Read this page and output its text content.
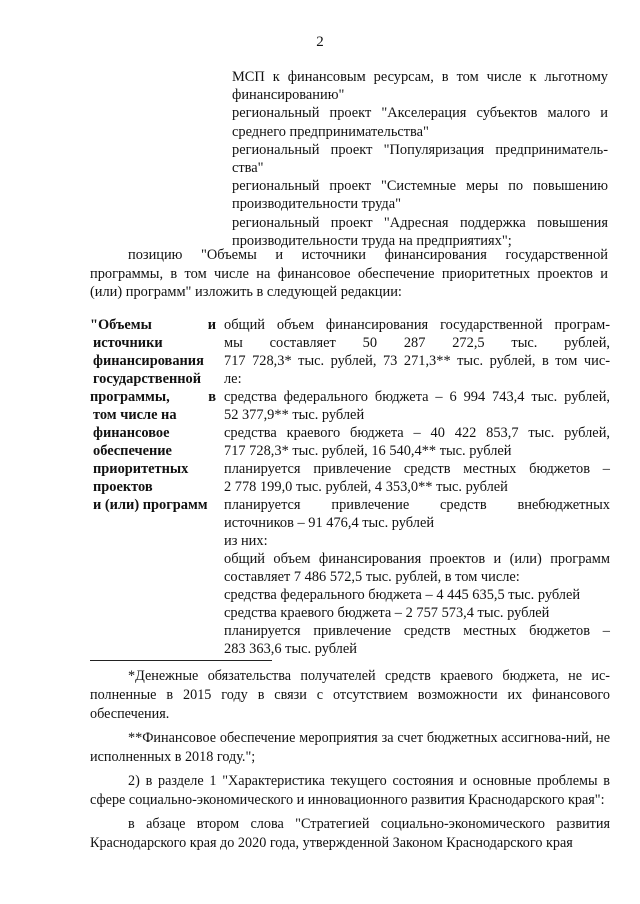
2
МСП к финансовым ресурсам, в том числе к льготному
финансированию"
региональный проект "Акселерация субъектов малого и
среднего предпринимательства"
региональный проект "Популяризация предприниматель-
ства"
региональный проект "Системные меры по повышению
производительности труда"
региональный проект "Адресная поддержка повышения
производительности труда на предприятиях";
позицию "Объемы и источники финансирования государственной
программы, в том числе на финансовое обеспечение приоритетных проектов и
(или) программ" изложить в следующей редакции:
"Объемы и
источники
финансирования
государственной
программы, в
том числе на
финансовое
обеспечение
приоритетных
проектов
и (или) программ
общий объем финансирования государственной програм-
мы составляет 50 287 272,5 тыс. рублей,
717 728,3* тыс. рублей, 73 271,3** тыс. рублей, в том чис-
ле:
средства федерального бюджета – 6 994 743,4 тыс. рублей,
52 377,9** тыс. рублей
средства краевого бюджета – 40 422 853,7 тыс. рублей,
717 728,3* тыс. рублей, 16 540,4** тыс. рублей
планируется привлечение средств местных бюджетов –
2 778 199,0 тыс. рублей, 4 353,0** тыс. рублей
планируется привлечение средств внебюджетных
источников – 91 476,4 тыс. рублей
из них:
общий объем финансирования проектов и (или) программ
составляет 7 486 572,5 тыс. рублей, в том числе:
средства федерального бюджета – 4 445 635,5 тыс. рублей
средства краевого бюджета – 2 757 573,4 тыс. рублей
планируется привлечение средств местных бюджетов –
283 363,6 тыс. рублей

*Денежные обязательства получателей средств краевого бюджета, не ис-полненные в 2015 году в связи с отсутствием возможности их финансового обеспечения.

**Финансовое обеспечение мероприятия за счет бюджетных ассигнова-ний, не исполненных в 2018 году.";

2) в разделе 1 "Характеристика текущего состояния и основные проблемы в сфере социально-экономического и инновационного развития Краснодарского края":

в абзаце втором слова "Стратегией социально-экономического развития Краснодарского края до 2020 года, утвержденной Законом Краснодарского края
